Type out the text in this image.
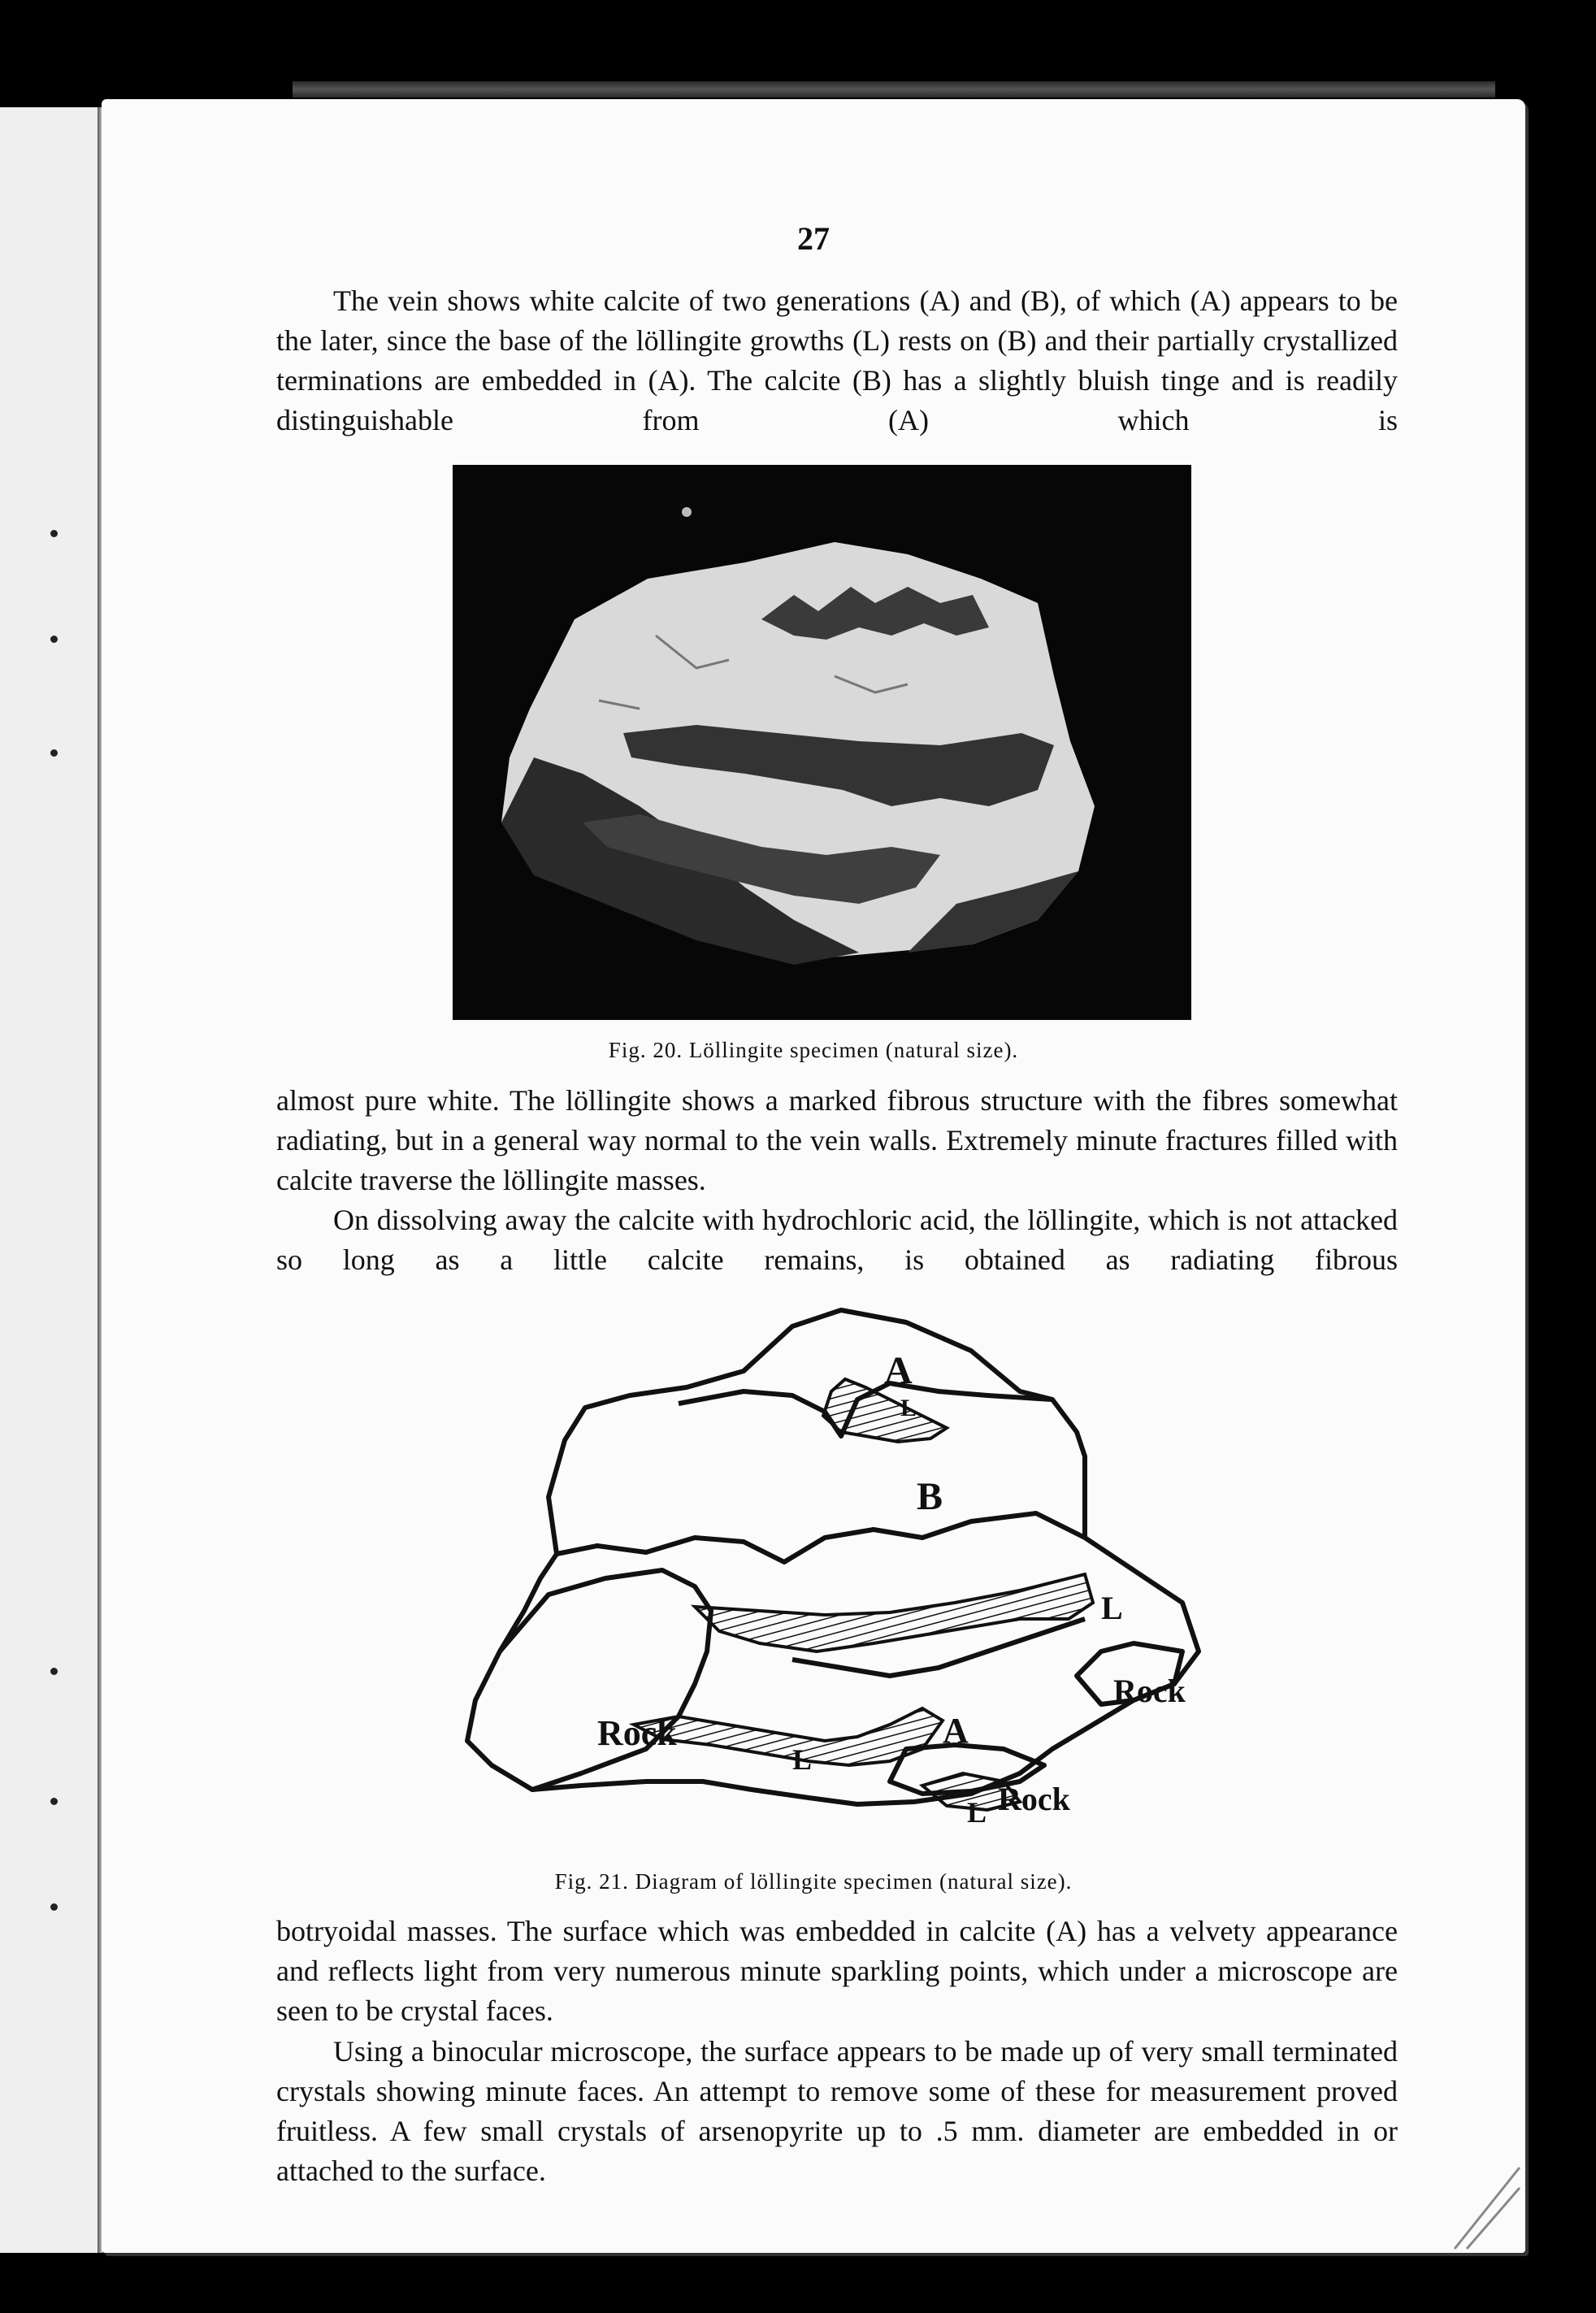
27

The vein shows white calcite of two generations (A) and (B), of which (A) appears to be the later, since the base of the löllingite growths (L) rests on (B) and their partially crystallized terminations are embedded in (A). The calcite (B) has a slightly bluish tinge and is readily distinguishable from (A) which is

Fig. 20. Löllingite specimen (natural size).

almost pure white. The löllingite shows a marked fibrous structure with the fibres somewhat radiating, but in a general way normal to the vein walls. Extremely minute fractures filled with calcite traverse the löllingite masses.

On dissolving away the calcite with hydrochloric acid, the löllingite, which is not attacked so long as a little calcite remains, is obtained as radiating fibrous

A
B
L
L
Rock
Rock	A
L
Rock
L
Fig. 21. Diagram of löllingite specimen (natural size).

botryoidal masses. The surface which was embedded in calcite (A) has a velvety appearance and reflects light from very numerous minute sparkling points, which under a microscope are seen to be crystal faces.

Using a binocular microscope, the surface appears to be made up of very small terminated crystals showing minute faces. An attempt to remove some of these for measurement proved fruitless. A few small crystals of arsenopyrite up to .5 mm. diameter are embedded in or attached to the surface.
